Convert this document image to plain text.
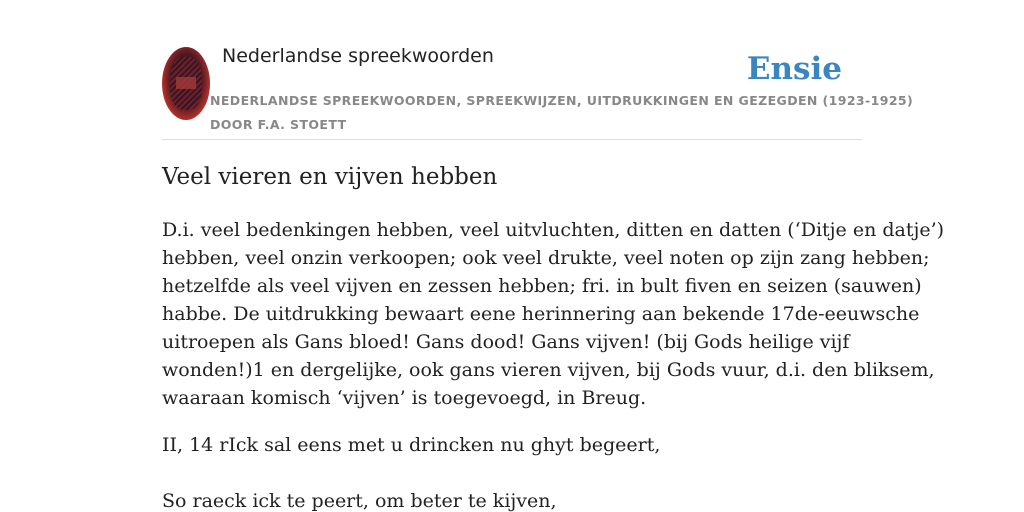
Nederlandse spreekwoorden	Ensie
NEDERLANDSE SPREEKWOORDEN, SPREEKWIJZEN, UITDRUKKINGEN EN GEZEGDEN (1923-1925)
DOOR F.A. STOETT
Veel vieren en vijven hebben
D.i. veel bedenkingen hebben, veel uitvluchten, ditten en datten (‘Ditje en datje’)
hebben, veel onzin verkoopen; ook veel drukte, veel noten op zijn zang hebben;
hetzelfde als veel vijven en zessen hebben; fri. in bult fiven en seizen (sauwen)
habbe. De uitdrukking bewaart eene herinnering aan bekende 17de-eeuwsche
uitroepen als Gans bloed! Gans dood! Gans vijven! (bij Gods heilige vijf
wonden!)1 en dergelijke, ook gans vieren vijven, bij Gods vuur, d.i. den bliksem,
waaraan komisch ‘vijven’ is toegevoegd, in Breug.
II, 14 rIck sal eens met u drincken nu ghyt begeert,
So raeck ick te peert, om beter te kijven,
